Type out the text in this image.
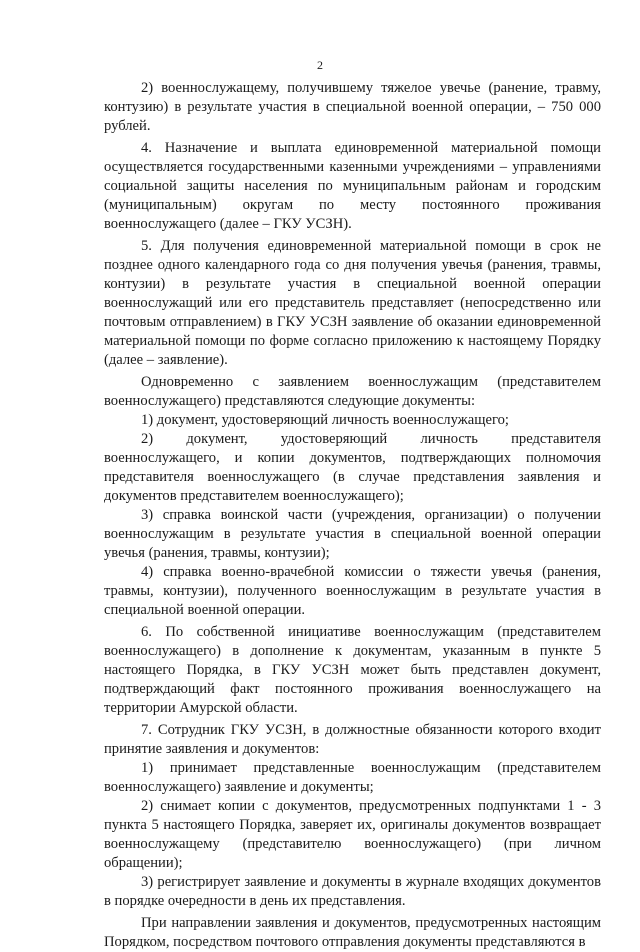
2

2) военнослужащему, получившему тяжелое увечье (ранение, травму, контузию) в результате участия в специальной военной операции, – 750 000 рублей.

4. Назначение и выплата единовременной материальной помощи осуществляется государственными казенными учреждениями – управлениями социальной защиты населения по муниципальным районам и городским (муниципальным) округам по месту постоянного проживания военнослужащего (далее – ГКУ УСЗН).

5. Для получения единовременной материальной помощи в срок не позднее одного календарного года со дня получения увечья (ранения, травмы, контузии) в результате участия в специальной военной операции военнослужащий или его представитель представляет (непосредственно или почтовым отправлением) в ГКУ УСЗН заявление об оказании единовременной материальной помощи по форме согласно приложению к настоящему Порядку (далее – заявление).

Одновременно с заявлением военнослужащим (представителем военнослужащего) представляются следующие документы:

1) документ, удостоверяющий личность военнослужащего;

2) документ, удостоверяющий личность представителя военнослужащего, и копии документов, подтверждающих полномочия представителя военнослужащего (в случае представления заявления и документов представителем военнослужащего);

3) справка воинской части (учреждения, организации) о получении военнослужащим в результате участия в специальной военной операции увечья (ранения, травмы, контузии);

4) справка военно-врачебной комиссии о тяжести увечья (ранения, травмы, контузии), полученного военнослужащим в результате участия в специальной военной операции.

6. По собственной инициативе военнослужащим (представителем военнослужащего) в дополнение к документам, указанным в пункте 5 настоящего Порядка, в ГКУ УСЗН может быть представлен документ, подтверждающий факт постоянного проживания военнослужащего на территории Амурской области.

7. Сотрудник ГКУ УСЗН, в должностные обязанности которого входит принятие заявления и документов:

1) принимает представленные военнослужащим (представителем военнослужащего) заявление и документы;

2) снимает копии с документов, предусмотренных подпунктами 1 - 3 пункта 5 настоящего Порядка, заверяет их, оригиналы документов возвращает военнослужащему (представителю военнослужащего) (при личном обращении);

3) регистрирует заявление и документы в журнале входящих документов в порядке очередности в день их представления.

При направлении заявления и документов, предусмотренных настоящим Порядком, посредством почтового отправления документы представляются в
